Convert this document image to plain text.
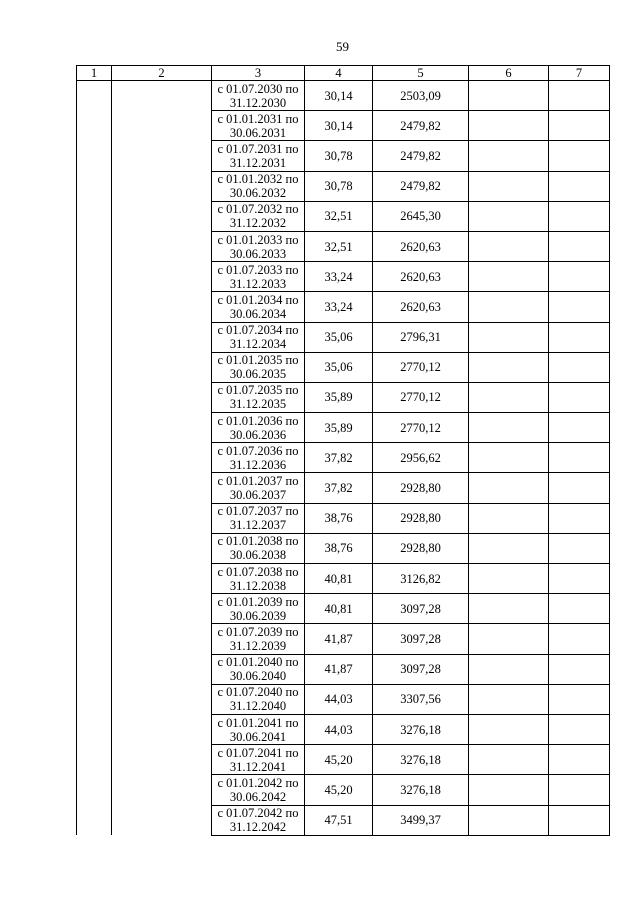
59
1	2	3	4	5	6	7
		с 01.07.2030 по
31.12.2030	30,14	2503,09		
		с 01.01.2031 по
30.06.2031	30,14	2479,82		
		с 01.07.2031 по
31.12.2031	30,78	2479,82		
		с 01.01.2032 по
30.06.2032	30,78	2479,82		
		с 01.07.2032 по
31.12.2032	32,51	2645,30		
		с 01.01.2033 по
30.06.2033	32,51	2620,63		
		с 01.07.2033 по
31.12.2033	33,24	2620,63		
		с 01.01.2034 по
30.06.2034	33,24	2620,63		
		с 01.07.2034 по
31.12.2034	35,06	2796,31		
		с 01.01.2035 по
30.06.2035	35,06	2770,12		
		с 01.07.2035 по
31.12.2035	35,89	2770,12		
		с 01.01.2036 по
30.06.2036	35,89	2770,12		
		с 01.07.2036 по
31.12.2036	37,82	2956,62		
		с 01.01.2037 по
30.06.2037	37,82	2928,80		
		с 01.07.2037 по
31.12.2037	38,76	2928,80		
		с 01.01.2038 по
30.06.2038	38,76	2928,80		
		с 01.07.2038 по
31.12.2038	40,81	3126,82		
		с 01.01.2039 по
30.06.2039	40,81	3097,28		
		с 01.07.2039 по
31.12.2039	41,87	3097,28		
		с 01.01.2040 по
30.06.2040	41,87	3097,28		
		с 01.07.2040 по
31.12.2040	44,03	3307,56		
		с 01.01.2041 по
30.06.2041	44,03	3276,18		
		с 01.07.2041 по
31.12.2041	45,20	3276,18		
		с 01.01.2042 по
30.06.2042	45,20	3276,18		
		с 01.07.2042 по
31.12.2042	47,51	3499,37		
